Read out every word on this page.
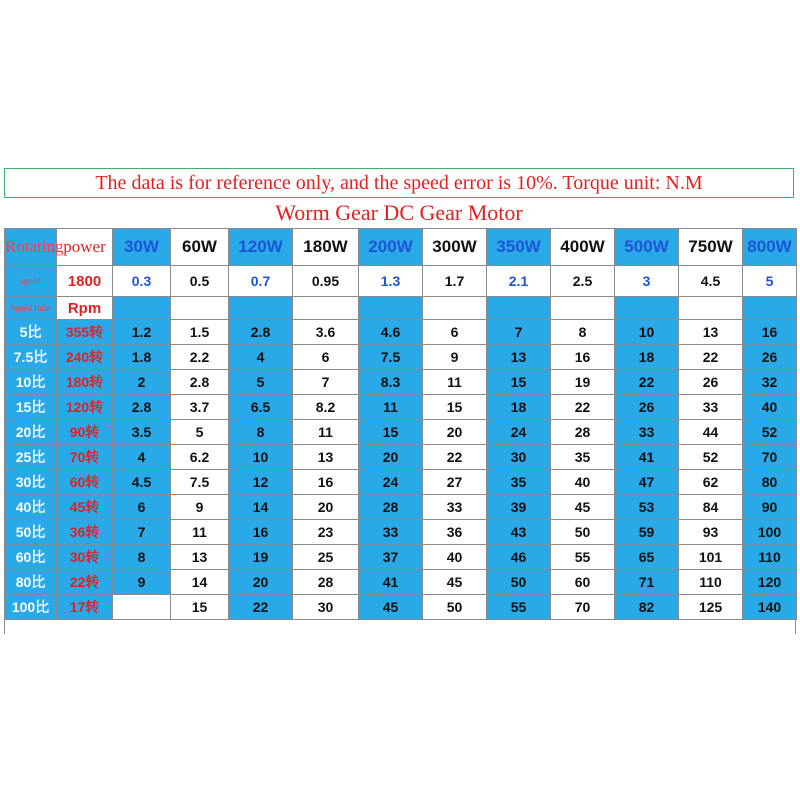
The data is for reference only, and the speed error is 10%. Torque unit: N.M
Worm Gear DC Gear Motor
Rotating	power	30W	60W	120W	180W	200W	300W	350W	400W	500W	750W	800W
speed	1800	0.3	0.5	0.7	0.95	1.3	1.7	2.1	2.5	3	4.5	5
Speed ratio	Rpm											
5比	355转	1.2	1.5	2.8	3.6	4.6	6	7	8	10	13	16
7.5比	240转	1.8	2.2	4	6	7.5	9	13	16	18	22	26
10比	180转	2	2.8	5	7	8.3	11	15	19	22	26	32
15比	120转	2.8	3.7	6.5	8.2	11	15	18	22	26	33	40
20比	90转	3.5	5	8	11	15	20	24	28	33	44	52
25比	70转	4	6.2	10	13	20	22	30	35	41	52	70
30比	60转	4.5	7.5	12	16	24	27	35	40	47	62	80
40比	45转	6	9	14	20	28	33	39	45	53	84	90
50比	36转	7	11	16	23	33	36	43	50	59	93	100
60比	30转	8	13	19	25	37	40	46	55	65	101	110
80比	22转	9	14	20	28	41	45	50	60	71	110	120
100比	17转		15	22	30	45	50	55	70	82	125	140
